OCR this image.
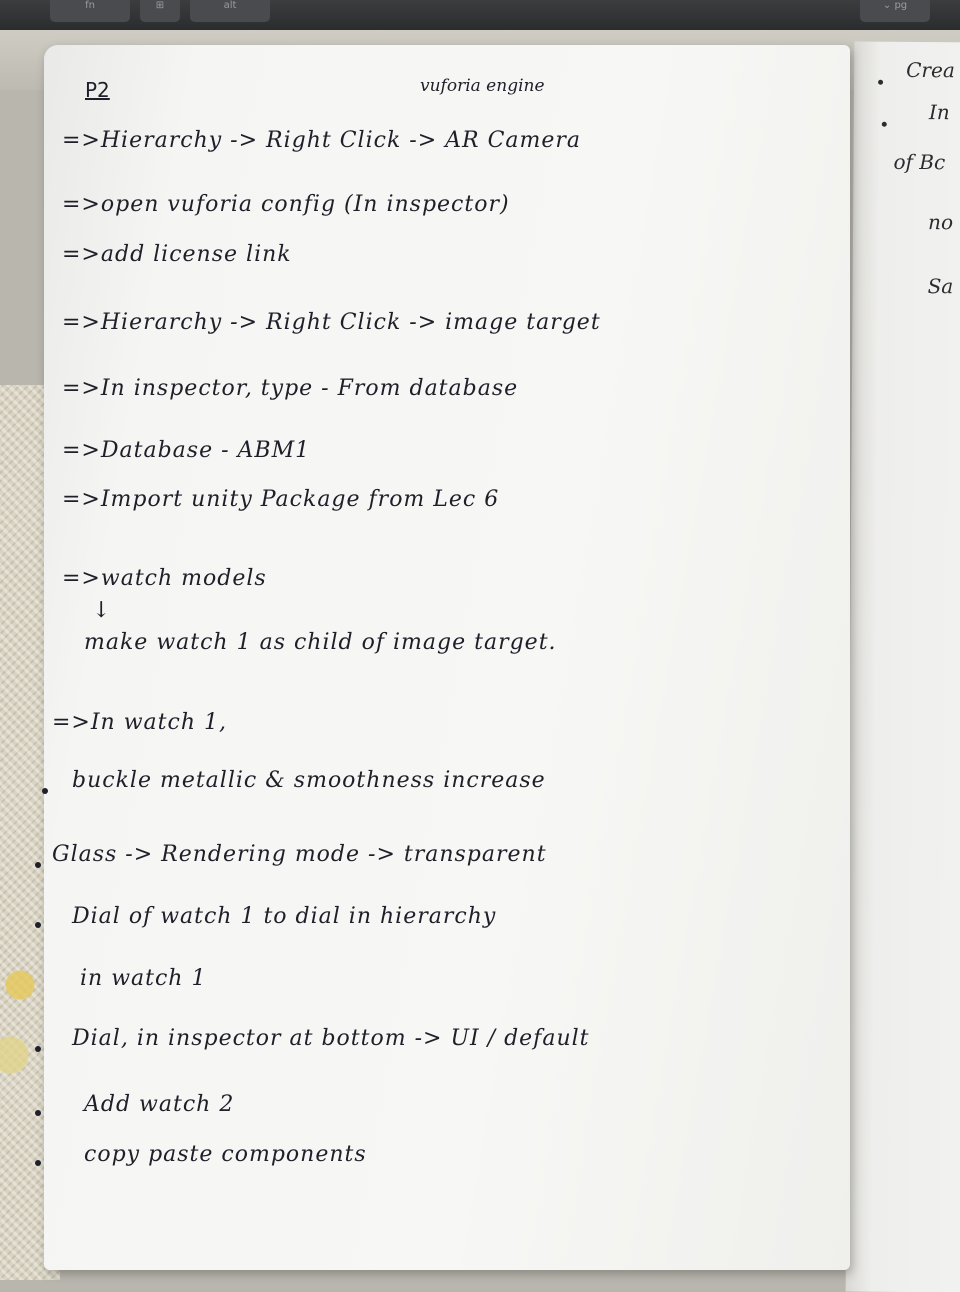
fn	⊞	alt	⌄ pg
Crea
In
of Bc
no
Sa
P2	vuforia engine
=>Hierarchy -> Right Click -> AR Camera
=>open vuforia config (In inspector)
=>add license link
=>Hierarchy -> Right Click -> image target
=>In inspector, type - From database
=>Database - ABM1
=>Import unity Package from Lec 6
=>watch models
↓
make watch 1 as child of image target.
=>In watch 1,
buckle metallic & smoothness increase
Glass -> Rendering mode -> transparent
Dial of watch 1 to dial in hierarchy
in watch 1
Dial, in inspector at bottom -> UI / default
Add watch 2
copy paste components
